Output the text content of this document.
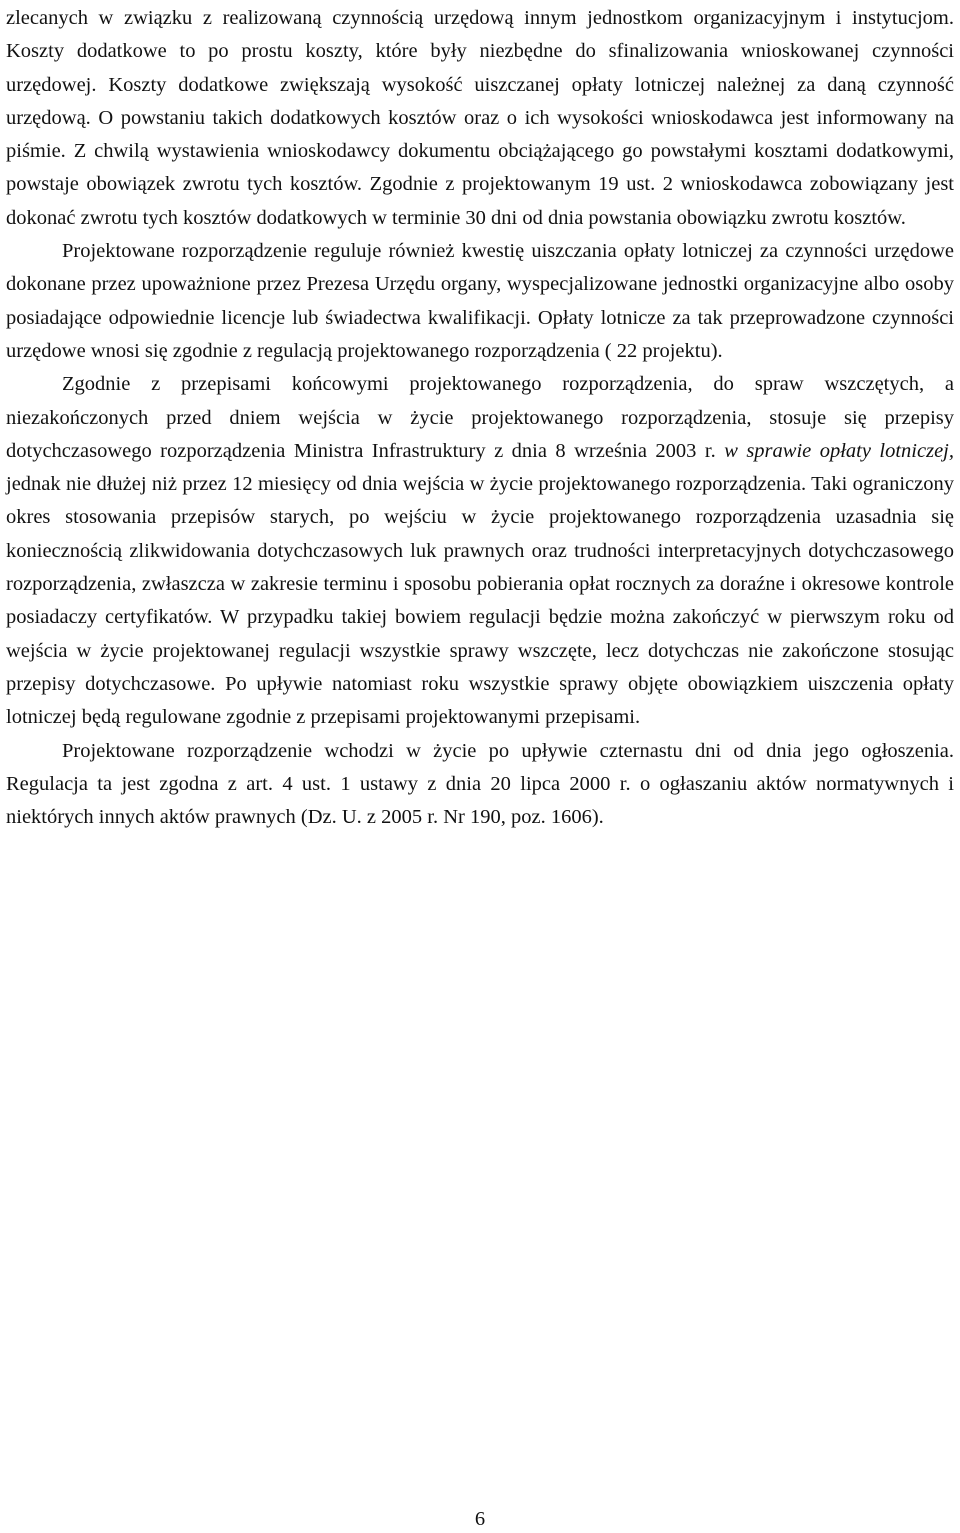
zlecanych w związku z realizowaną czynnością urzędową innym jednostkom organizacyjnym i instytucjom. Koszty dodatkowe to po prostu koszty, które były niezbędne do sfinalizowania wnioskowanej czynności urzędowej. Koszty dodatkowe zwiększają wysokość uiszczanej opłaty lotniczej należnej za daną czynność urzędową. O powstaniu takich dodatkowych kosztów oraz o ich wysokości wnioskodawca jest informowany na piśmie. Z chwilą wystawienia wnioskodawcy dokumentu obciążającego go powstałymi kosztami dodatkowymi, powstaje obowiązek zwrotu tych kosztów. Zgodnie z projektowanym 19 ust. 2 wnioskodawca zobowiązany jest dokonać zwrotu tych kosztów dodatkowych w terminie 30 dni od dnia powstania obowiązku zwrotu kosztów.

Projektowane rozporządzenie reguluje również kwestię uiszczania opłaty lotniczej za czynności urzędowe dokonane przez upoważnione przez Prezesa Urzędu organy, wyspecjalizowane jednostki organizacyjne albo osoby posiadające odpowiednie licencje lub świadectwa kwalifikacji. Opłaty lotnicze za tak przeprowadzone czynności urzędowe wnosi się zgodnie z regulacją projektowanego rozporządzenia ( 22 projektu).

Zgodnie z przepisami końcowymi projektowanego rozporządzenia, do spraw wszczętych, a niezakończonych przed dniem wejścia w życie projektowanego rozporządzenia, stosuje się przepisy dotychczasowego rozporządzenia Ministra Infrastruktury z dnia 8 września 2003 r. w sprawie opłaty lotniczej, jednak nie dłużej niż przez 12 miesięcy od dnia wejścia w życie projektowanego rozporządzenia. Taki ograniczony okres stosowania przepisów starych, po wejściu w życie projektowanego rozporządzenia uzasadnia się koniecznością zlikwidowania dotychczasowych luk prawnych oraz trudności interpretacyjnych dotychczasowego rozporządzenia, zwłaszcza w zakresie terminu i sposobu pobierania opłat rocznych za doraźne i okresowe kontrole posiadaczy certyfikatów. W przypadku takiej bowiem regulacji będzie można zakończyć w pierwszym roku od wejścia w życie projektowanej regulacji wszystkie sprawy wszczęte, lecz dotychczas nie zakończone stosując przepisy dotychczasowe. Po upływie natomiast roku wszystkie sprawy objęte obowiązkiem uiszczenia opłaty lotniczej będą regulowane zgodnie z przepisami projektowanymi przepisami.

Projektowane rozporządzenie wchodzi w życie po upływie czternastu dni od dnia jego ogłoszenia. Regulacja ta jest zgodna z art. 4 ust. 1 ustawy z dnia 20 lipca 2000 r. o ogłaszaniu aktów normatywnych i niektórych innych aktów prawnych (Dz. U. z 2005 r. Nr 190, poz. 1606).

6
